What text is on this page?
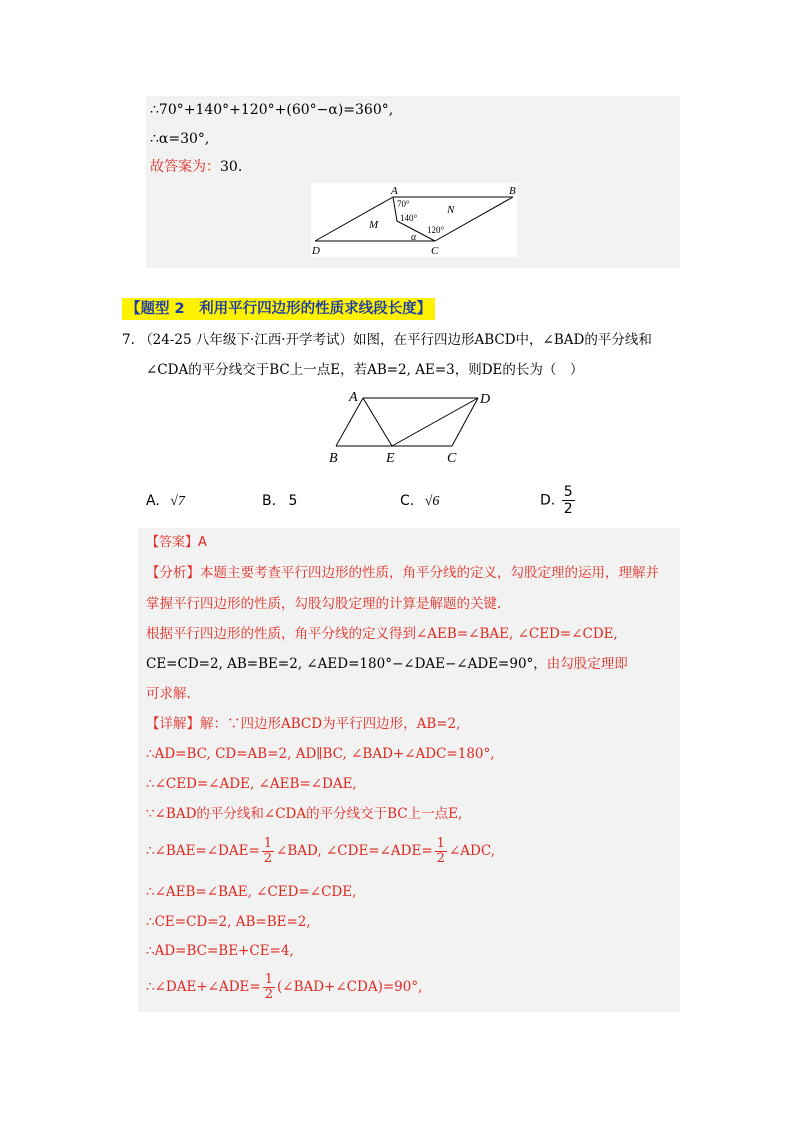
∴70°+140°+120°+(60°−α)=360°,
∴α=30°,
故答案为：30.
A	B
C
D
M
N
70°
140°
120°
α
【题型 2　利用平行四边形的性质求线段长度】
7. （24-25 八年级下·江西·开学考试）如图，在平行四边形ABCD中，∠BAD的平分线和
∠CDA的平分线交于BC上一点E，若AB=2, AE=3，则DE的长为（　）
A	D
B	E	C
A. √7	B. 5	C. √6	D. $\frac{5}{2}$
【答案】A
【分析】本题主要考查平行四边形的性质，角平分线的定义，勾股定理的运用，理解并
掌握平行四边形的性质，勾股勾股定理的计算是解题的关键.
根据平行四边形的性质，角平分线的定义得到∠AEB=∠BAE, ∠CED=∠CDE,
CE=CD=2, AB=BE=2, ∠AED=180°−∠DAE−∠ADE=90°，由勾股定理即
可求解.
【详解】解：∵四边形ABCD为平行四边形，AB=2,
∴AD=BC, CD=AB=2, AD∥BC, ∠BAD+∠ADC=180°,
∴∠CED=∠ADE, ∠AEB=∠DAE,
∵∠BAD的平分线和∠CDA的平分线交于BC上一点E,
∴∠BAE=∠DAE= $\frac{1}{2}$ ∠BAD, ∠CDE=∠ADE= $\frac{1}{2}$ ∠ADC,
∴∠AEB=∠BAE, ∠CED=∠CDE,
∴CE=CD=2, AB=BE=2,
∴AD=BC=BE+CE=4,
∴∠DAE+∠ADE= $\frac{1}{2}$ (∠BAD+∠CDA)=90°,
